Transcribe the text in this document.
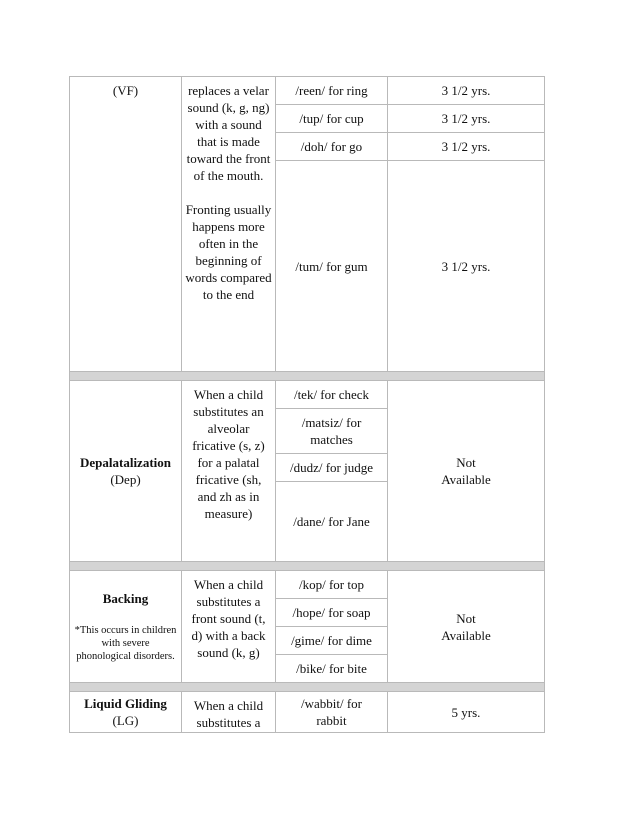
(VF)	replaces a velar sound (k, g, ng) with a sound that is made toward the front of the mouth.
Fronting usually happens more often in the beginning of words compared to the end	/reen/ for ring	3 1/2 yrs.
		/tup/ for cup	3 1/2 yrs.
		/doh/ for go	3 1/2 yrs.
		/tum/ for gum	3 1/2 yrs.

Depalatalization
(Dep)	When a child substitutes an alveolar fricative (s, z) for a palatal fricative (sh, and zh as in measure)	/tek/ for check	Not Available

		/matsiz/ for matches	
		/dudz/ for judge	
		/dane/ for Jane	

Backing
*This occurs in children with severe phonological disorders.	When a child substitutes a front sound (t, d) with a back sound (k, g)	/kop/ for top	Not Available

		/hope/ for soap	
		/gime/ for dime	
		/bike/ for bite	

Liquid Gliding
(LG)	When a child substitutes a	/wabbit/ for rabbit	5 yrs.
